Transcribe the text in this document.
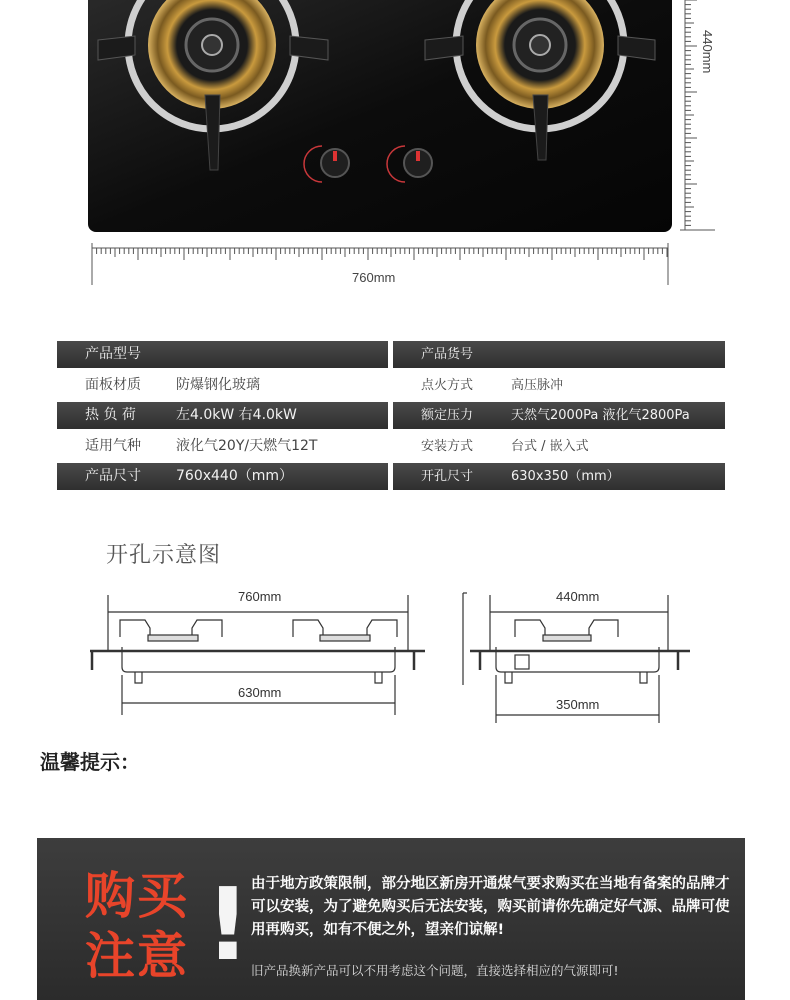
760mm
440mm
产品型号	产品货号
面板材质	防爆钢化玻璃	点火方式	高压脉冲
热 负 荷	左4.0kW 右4.0kW	额定压力	天然气2000Pa 液化气2800Pa
适用气种	液化气20Y/天燃气12T	安装方式	台式 / 嵌入式
产品尺寸	760x440（mm）	开孔尺寸	630x350（mm）
开孔示意图
760mm
630mm
440mm
350mm
温馨提示：
购买
注意 ! 由于地方政策限制，部分地区新房开通煤气要求购买在当地有备案的品牌才可以安装，为了避免购买后无法安装，购买前请你先确定好气源、品牌可使用再购买，如有不便之外，望亲们谅解!
旧产品换新产品可以不用考虑这个问题，直接选择相应的气源即可!
